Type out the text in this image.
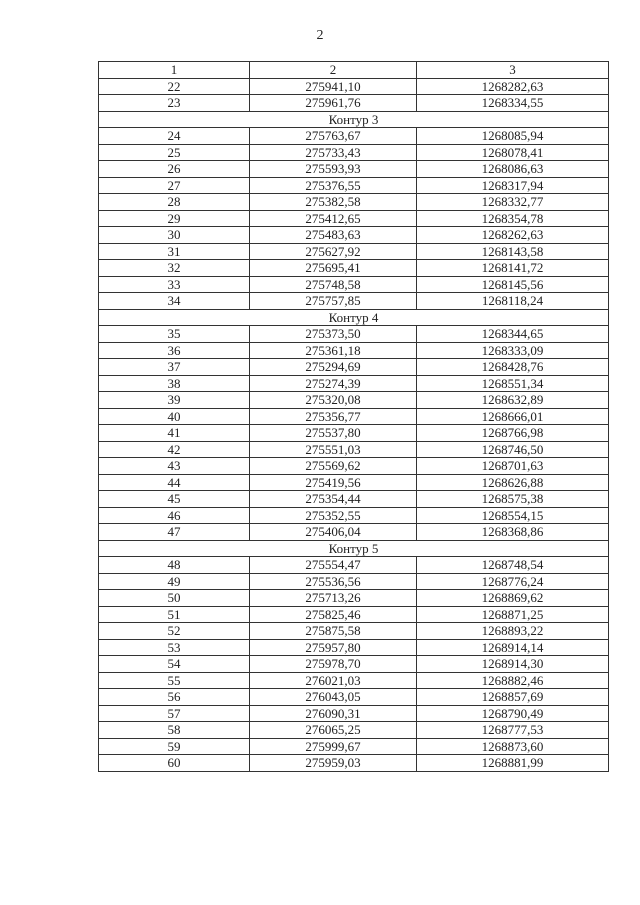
2
1	2	3
22	275941,10	1268282,63
23	275961,76	1268334,55
Контур 3		
24	275763,67	1268085,94
25	275733,43	1268078,41
26	275593,93	1268086,63
27	275376,55	1268317,94
28	275382,58	1268332,77
29	275412,65	1268354,78
30	275483,63	1268262,63
31	275627,92	1268143,58
32	275695,41	1268141,72
33	275748,58	1268145,56
34	275757,85	1268118,24
Контур 4		
35	275373,50	1268344,65
36	275361,18	1268333,09
37	275294,69	1268428,76
38	275274,39	1268551,34
39	275320,08	1268632,89
40	275356,77	1268666,01
41	275537,80	1268766,98
42	275551,03	1268746,50
43	275569,62	1268701,63
44	275419,56	1268626,88
45	275354,44	1268575,38
46	275352,55	1268554,15
47	275406,04	1268368,86
Контур 5		
48	275554,47	1268748,54
49	275536,56	1268776,24
50	275713,26	1268869,62
51	275825,46	1268871,25
52	275875,58	1268893,22
53	275957,80	1268914,14
54	275978,70	1268914,30
55	276021,03	1268882,46
56	276043,05	1268857,69
57	276090,31	1268790,49
58	276065,25	1268777,53
59	275999,67	1268873,60
60	275959,03	1268881,99
